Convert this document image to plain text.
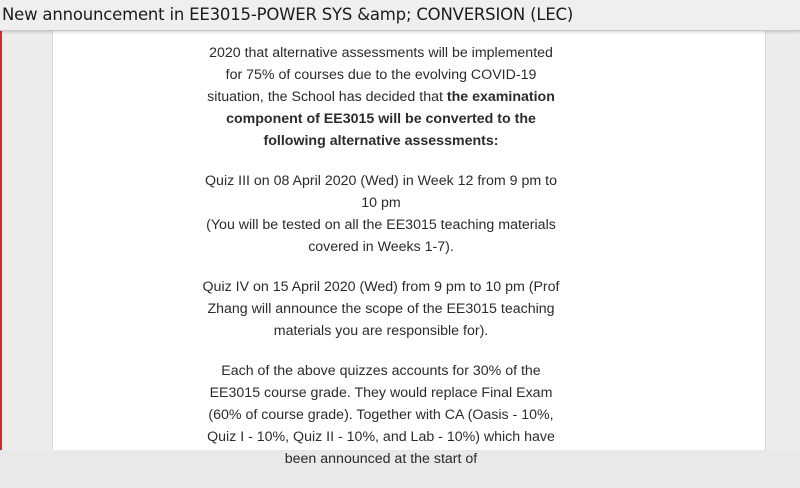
New announcement in EE3015-POWER SYS &amp; CONVERSION (LEC)

2020 that alternative assessments will be implemented for 75% of courses due to the evolving COVID-19 situation, the School has decided that the examination component of EE3015 will be converted to the following alternative assessments:

Quiz III on 08 April 2020 (Wed) in Week 12 from 9 pm to 10 pm
(You will be tested on all the EE3015 teaching materials covered in Weeks 1-7).

Quiz IV on 15 April 2020 (Wed) from 9 pm to 10 pm (Prof Zhang will announce the scope of the EE3015 teaching materials you are responsible for).

Each of the above quizzes accounts for 30% of the EE3015 course grade. They would replace Final Exam (60% of course grade). Together with CA (Oasis - 10%, Quiz I - 10%, Quiz II - 10%, and Lab - 10%) which have been announced at the start of
